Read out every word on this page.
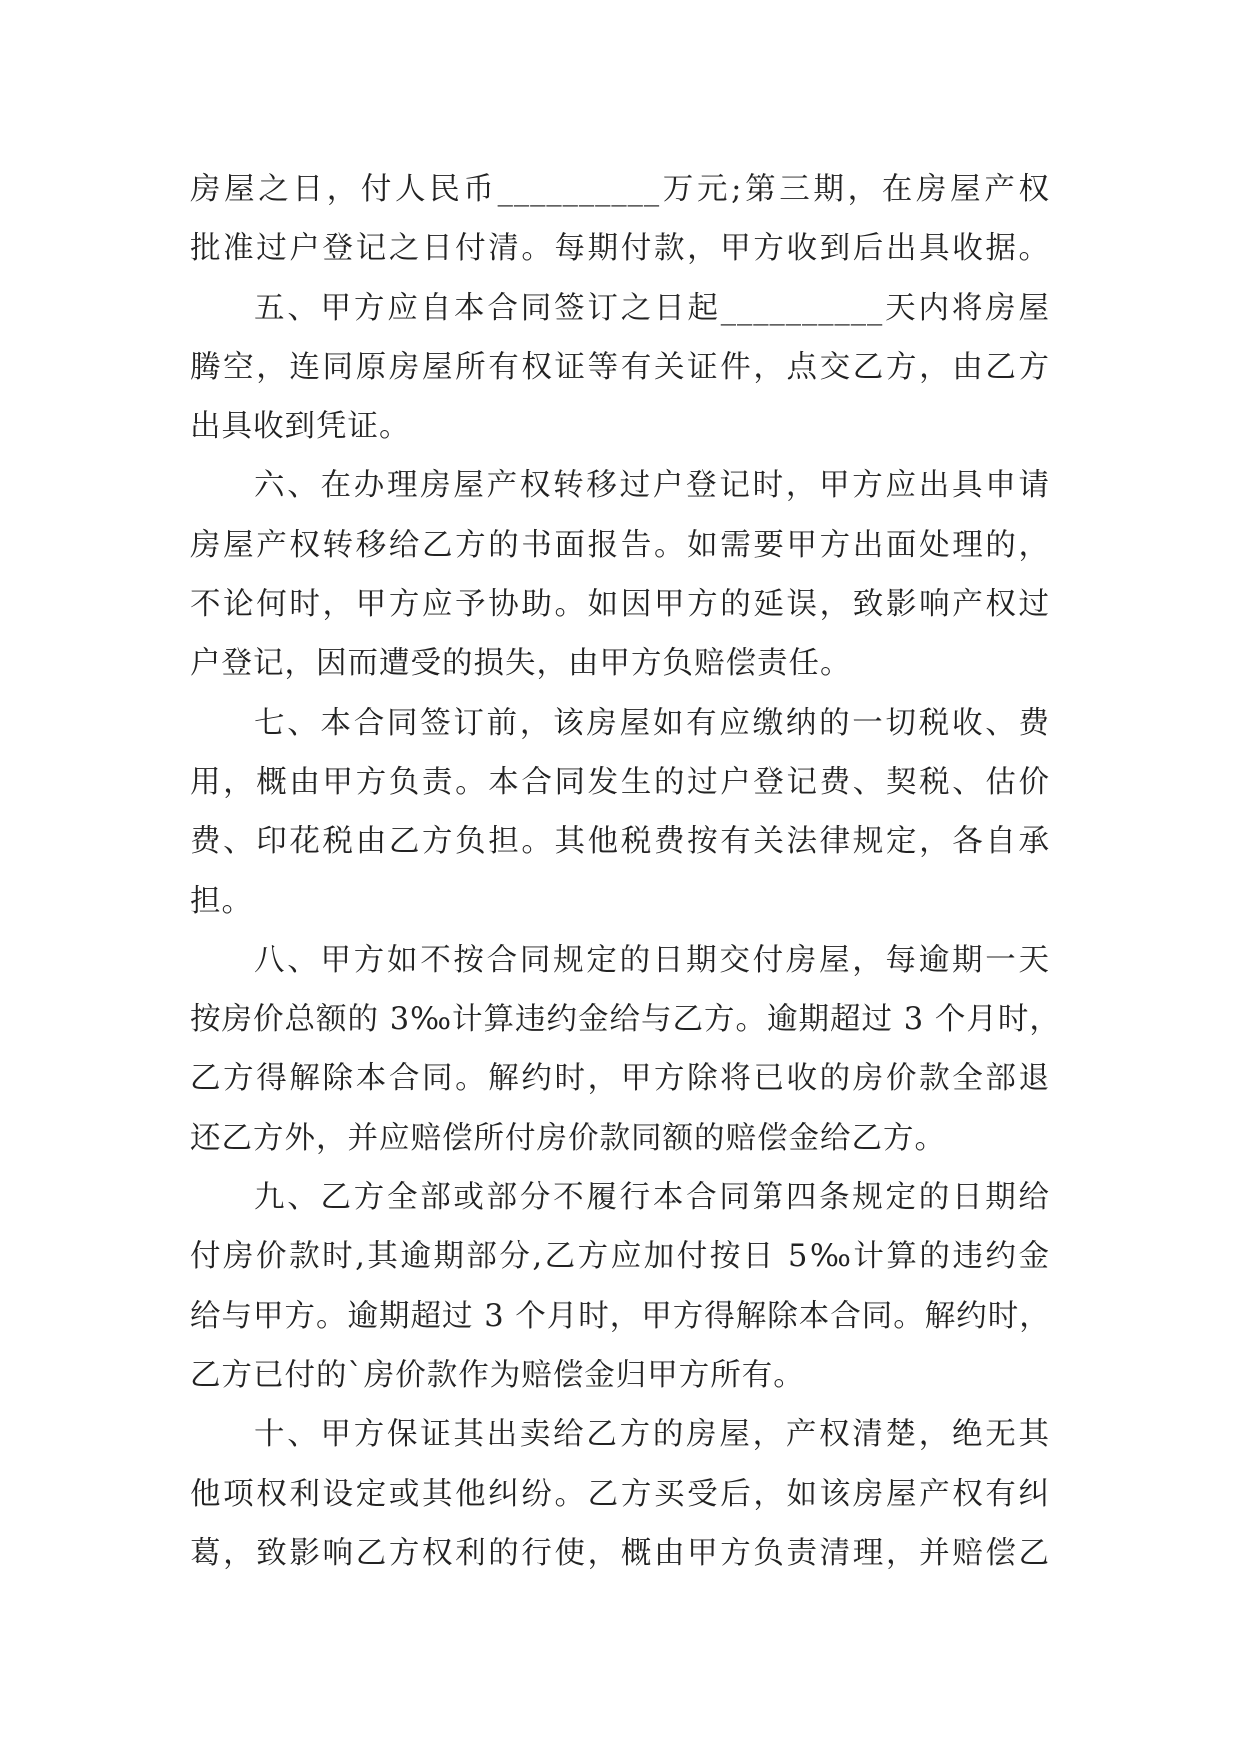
房屋之日，付人民币__________万元;第三期，在房屋产权
批准过户登记之日付清。每期付款，甲方收到后出具收据。
五、甲方应自本合同签订之日起__________天内将房屋
腾空，连同原房屋所有权证等有关证件，点交乙方，由乙方
出具收到凭证。
六、在办理房屋产权转移过户登记时，甲方应出具申请
房屋产权转移给乙方的书面报告。如需要甲方出面处理的，
不论何时，甲方应予协助。如因甲方的延误，致影响产权过
户登记，因而遭受的损失，由甲方负赔偿责任。
七、本合同签订前，该房屋如有应缴纳的一切税收、费
用，概由甲方负责。本合同发生的过户登记费、契税、估价
费、印花税由乙方负担。其他税费按有关法律规定，各自承
担。
八、甲方如不按合同规定的日期交付房屋，每逾期一天
按房价总额的 3‰计算违约金给与乙方。逾期超过 3 个月时，
乙方得解除本合同。解约时，甲方除将已收的房价款全部退
还乙方外，并应赔偿所付房价款同额的赔偿金给乙方。
九、乙方全部或部分不履行本合同第四条规定的日期给
付房价款时,其逾期部分,乙方应加付按日 5‰计算的违约金
给与甲方。逾期超过 3 个月时，甲方得解除本合同。解约时，
乙方已付的`房价款作为赔偿金归甲方所有。
十、甲方保证其出卖给乙方的房屋，产权清楚，绝无其
他项权利设定或其他纠纷。乙方买受后，如该房屋产权有纠
葛，致影响乙方权利的行使，概由甲方负责清理，并赔偿乙
